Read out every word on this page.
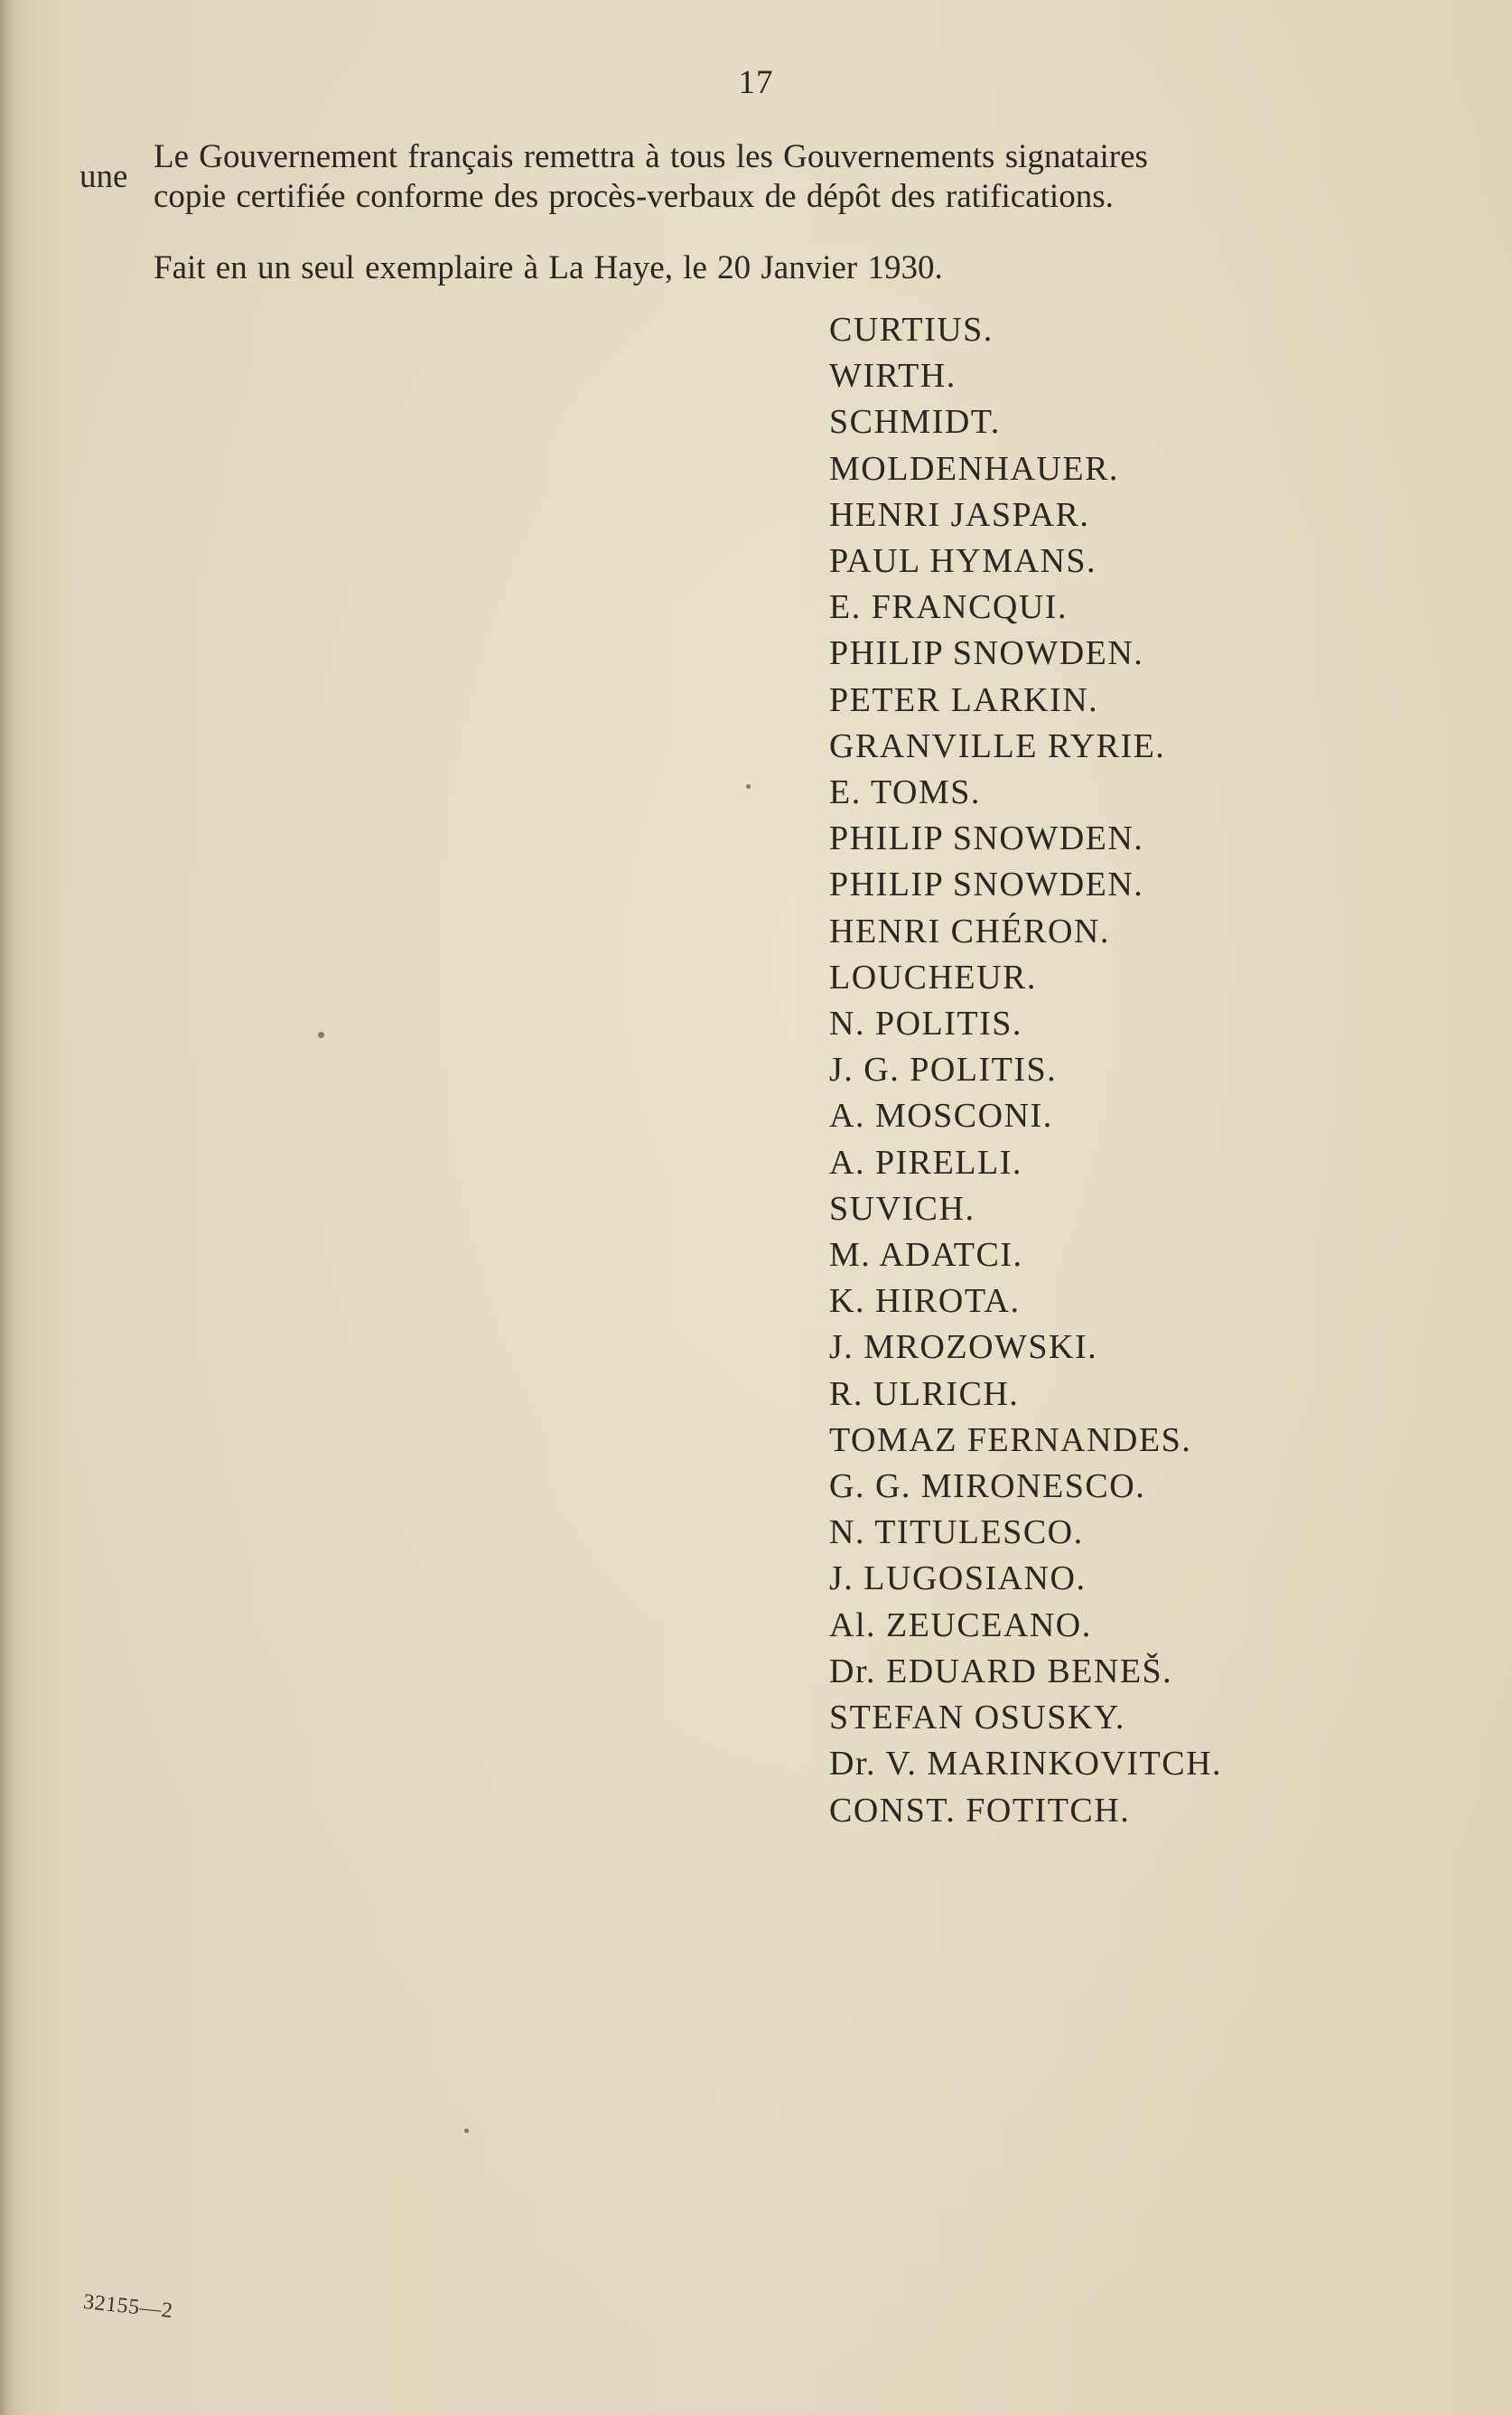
17
Le Gouvernement français remettra à tous les Gouvernements signataires
une
copie certifiée conforme des procès-verbaux de dépôt des ratifications.
Fait en un seul exemplaire à La Haye, le 20 Janvier 1930.
CURTIUS.
WIRTH.
SCHMIDT.
MOLDENHAUER.
HENRI JASPAR.
PAUL HYMANS.
E. FRANCQUI.
PHILIP SNOWDEN.
PETER LARKIN.
GRANVILLE RYRIE.
E. TOMS.
PHILIP SNOWDEN.
PHILIP SNOWDEN.
HENRI CHÉRON.
LOUCHEUR.
N. POLITIS.
J. G. POLITIS.
A. MOSCONI.
A. PIRELLI.
SUVICH.
M. ADATCI.
K. HIROTA.
J. MROZOWSKI.
R. ULRICH.
TOMAZ FERNANDES.
G. G. MIRONESCO.
N. TITULESCO.
J. LUGOSIANO.
Al. ZEUCEANO.
Dr. EDUARD BENEŠ.
STEFAN OSUSKY.
Dr. V. MARINKOVITCH.
CONST. FOTITCH.
32155—2
